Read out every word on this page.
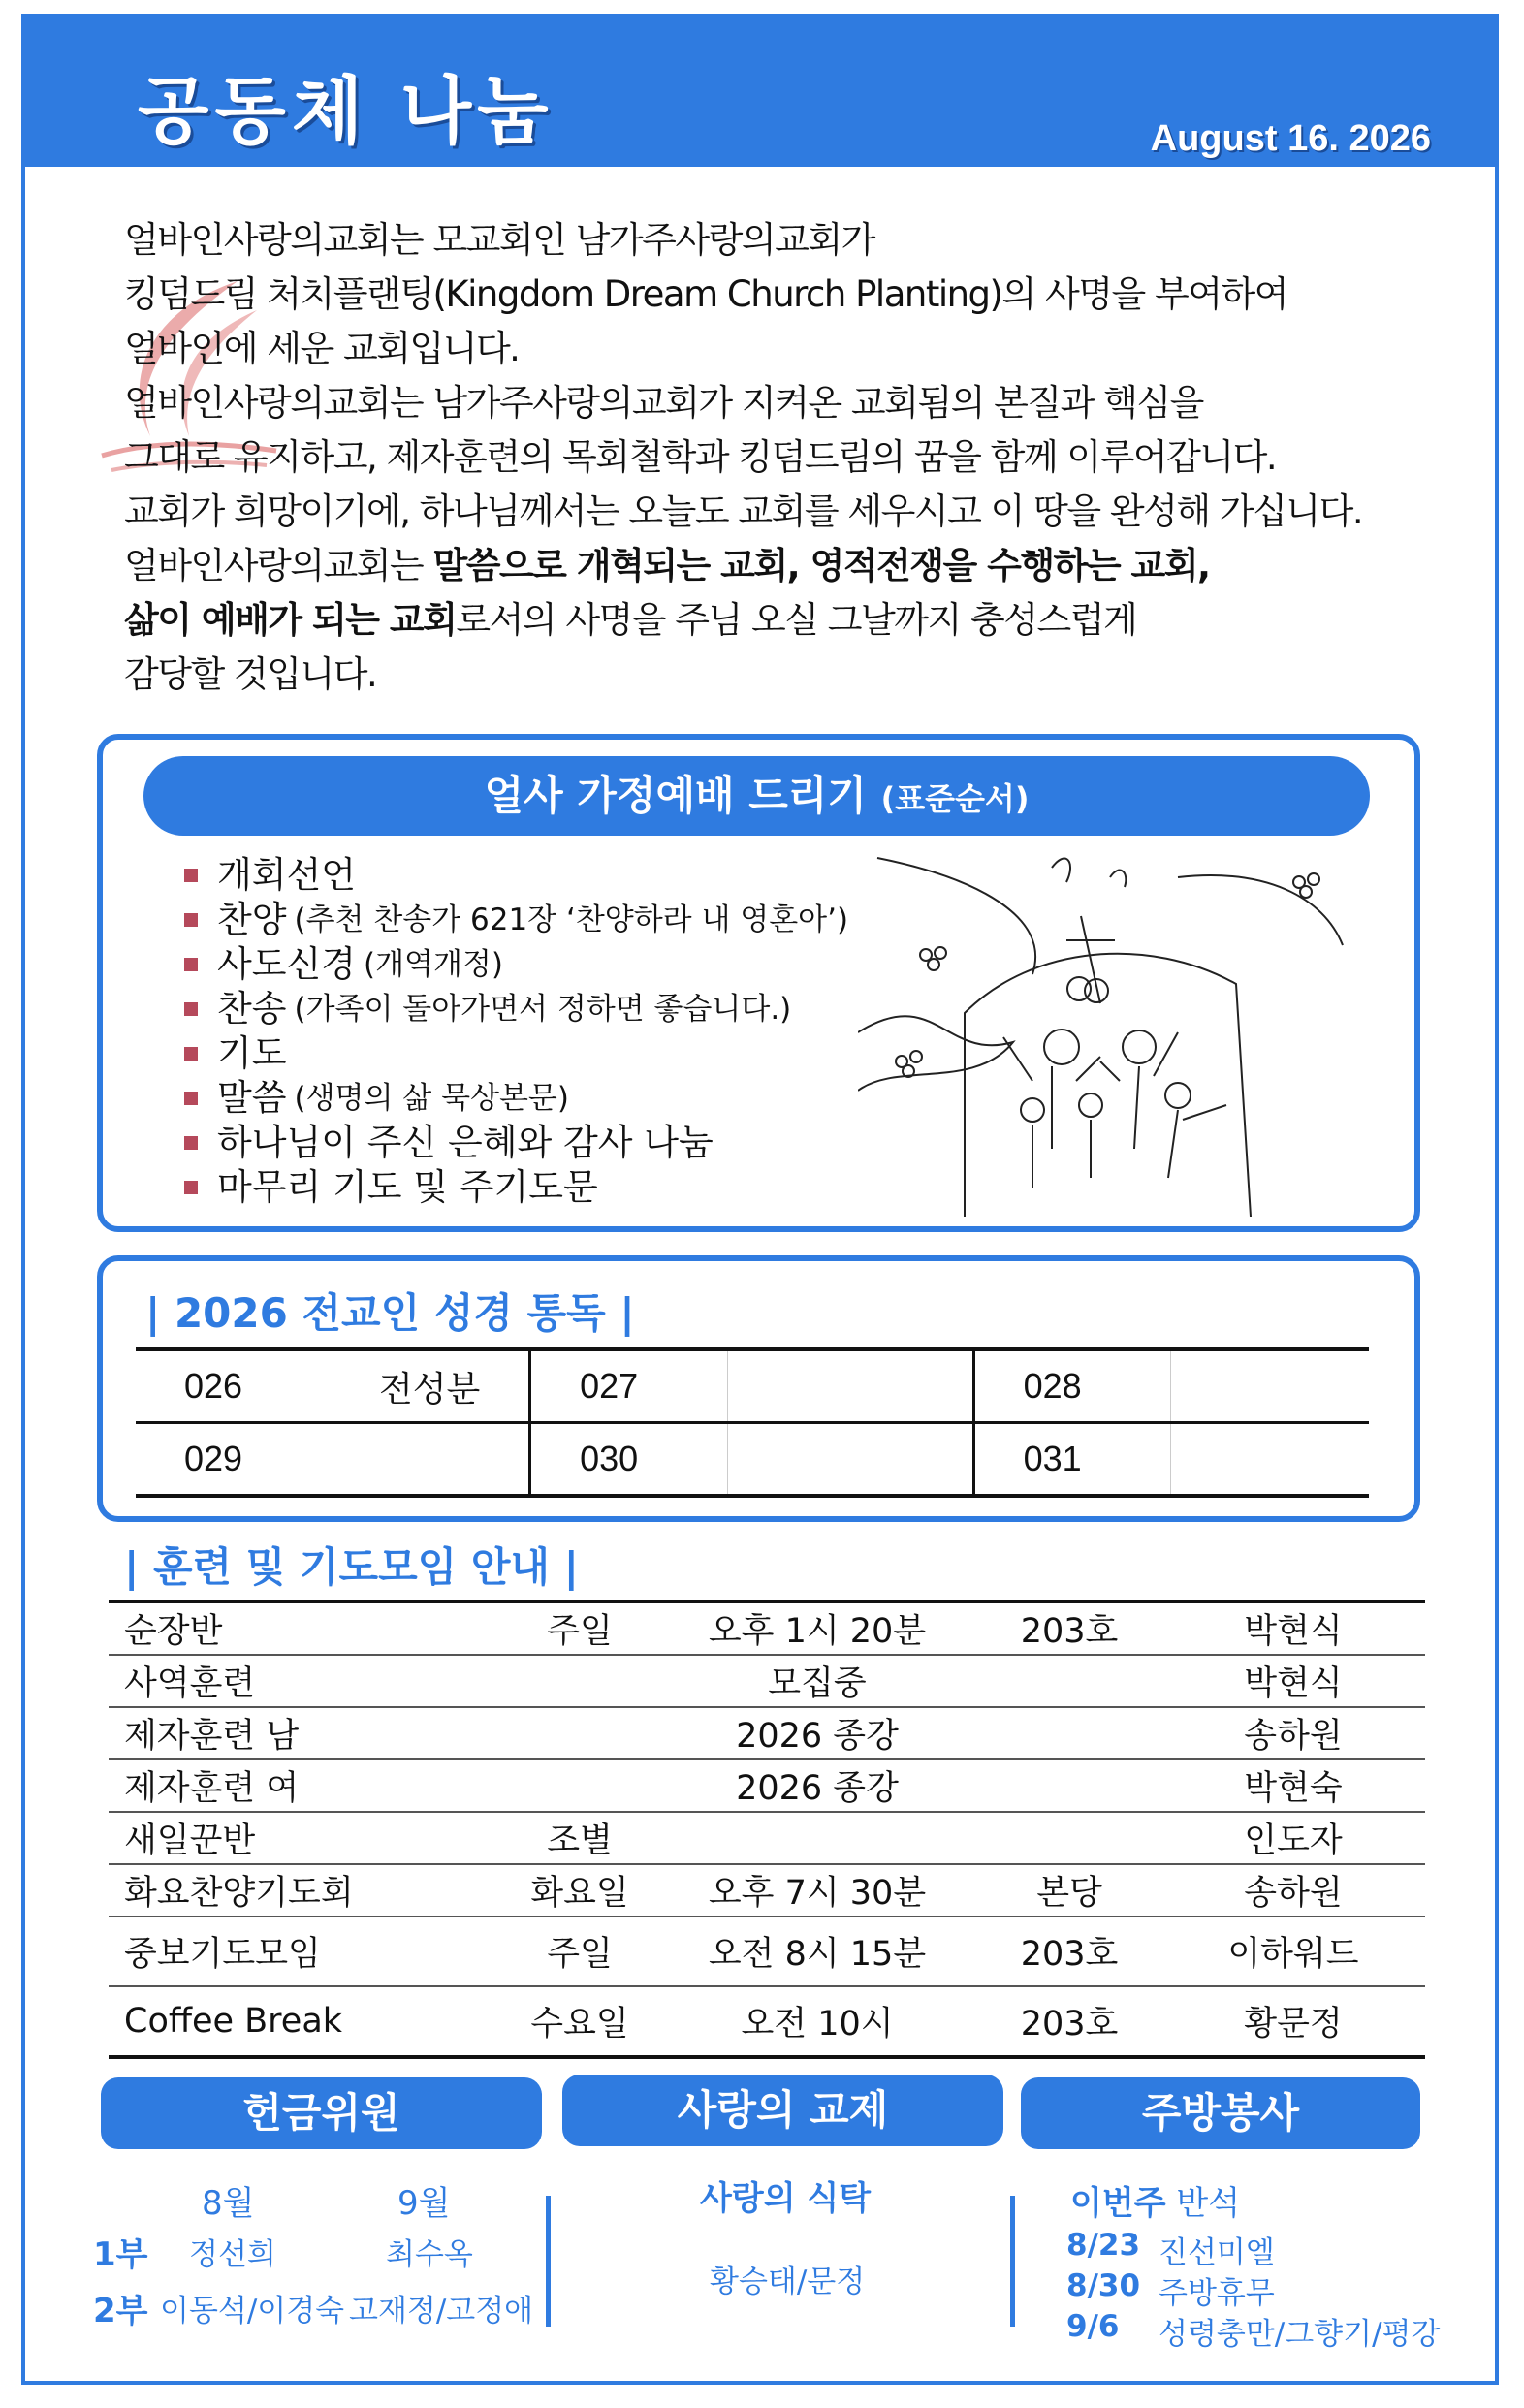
공동체 나눔	August 16. 2026

얼바인사랑의교회는 모교회인 남가주사랑의교회가

킹덤드림 처치플랜팅(Kingdom Dream Church Planting)의 사명을 부여하여

얼바인에 세운 교회입니다.

얼바인사랑의교회는 남가주사랑의교회가 지켜온 교회됨의 본질과 핵심을

그대로 유지하고, 제자훈련의 목회철학과 킹덤드림의 꿈을 함께 이루어갑니다.

교회가 희망이기에, 하나님께서는 오늘도 교회를 세우시고 이 땅을 완성해 가십니다.

얼바인사랑의교회는 말씀으로 개혁되는 교회, 영적전쟁을 수행하는 교회,

삶이 예배가 되는 교회로서의 사명을 주님 오실 그날까지 충성스럽게

감당할 것입니다.

얼사 가정예배 드리기 (표준순서)
개회선언
찬양 (추천 찬송가 621장 ‘찬양하라 내 영혼아’)
사도신경 (개역개정)
찬송 (가족이 돌아가면서 정하면 좋습니다.)
기도
말씀 (생명의 삶 묵상본문)
하나님이 주신 은혜와 감사 나눔
마무리 기도 및 주기도문
| 2026 전교인 성경 통독 |
026	전성분	027		028	
029		030		031	
| 훈련 및 기도모임 안내 |
순장반	주일	오후 1시 20분	203호	박현식
사역훈련		모집중		박현식
제자훈련 남		2026 종강		송하원
제자훈련 여		2026 종강		박현숙
새일꾼반	조별			인도자
화요찬양기도회	화요일	오후 7시 30분	본당	송하원
중보기도모임	주일	오전 8시 15분	203호	이하워드
Coffee Break	수요일	오전 10시	203호	황문정
헌금위원	사랑의 교제	주방봉사
8월	9월
1부 정선희	최수옥
2부 이동석/이경숙 고재정/고정애
사랑의 식탁
황승태/문정
이번주 반석
8/23 진선미엘
8/30 주방휴무
9/6 성령충만/그향기/평강
